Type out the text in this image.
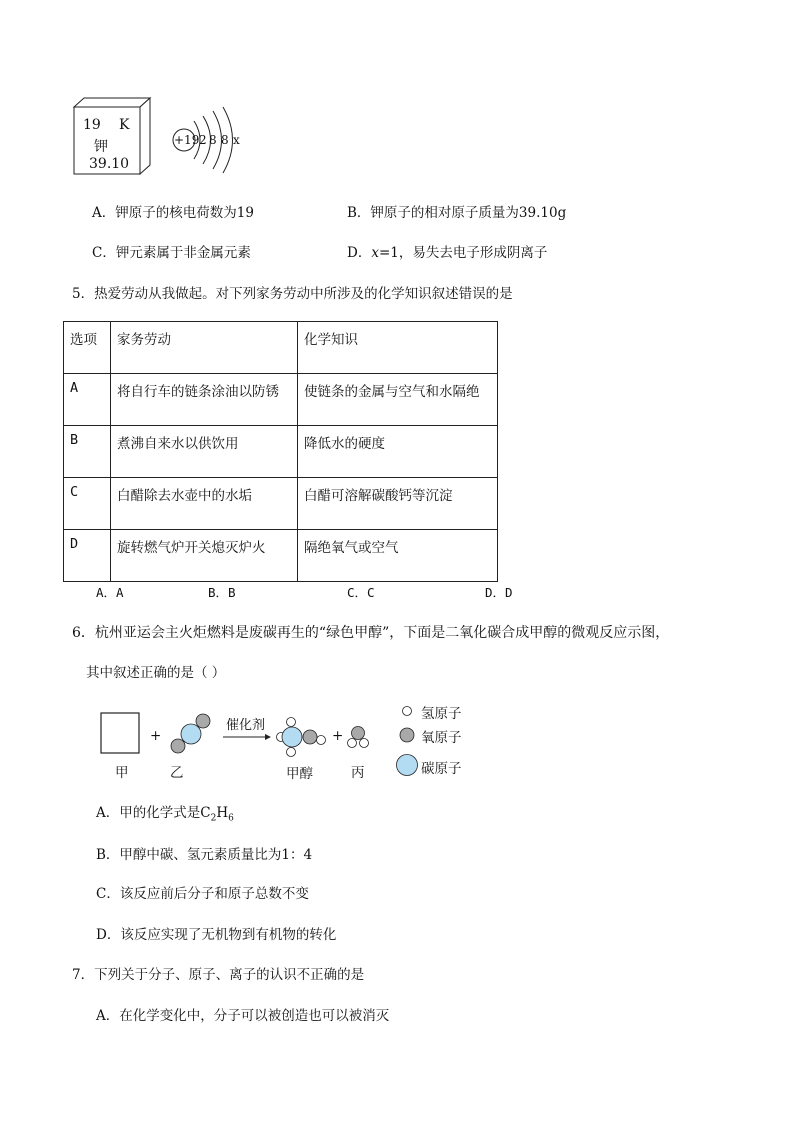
19 K
钾
39.10
+19 2 8 8 x
A．钾原子的核电荷数为19	B．钾原子的相对原子质量为39.10g
C．钾元素属于非金属元素	D．x=1，易失去电子形成阴离子
5．热爱劳动从我做起。对下列家务劳动中所涉及的化学知识叙述错误的是
选项	家务劳动	化学知识
A	将自行车的链条涂油以防锈	使链条的金属与空气和水隔绝
B	煮沸自来水以供饮用	降低水的硬度
C	白醋除去水壶中的水垢	白醋可溶解碳酸钙等沉淀
D	旋转燃气炉开关熄灭炉火	隔绝氧气或空气
A．A	B．B	C．C	D．D
6．杭州亚运会主火炬燃料是废碳再生的“绿色甲醇”，下面是二氧化碳合成甲醇的微观反应示图，
其中叙述正确的是（ ）
+	+
催化剂
甲	乙	甲醇	丙
氢原子
氧原子
碳原子
A．甲的化学式是$C_2H_6$
B．甲醇中碳、氢元素质量比为1：4
C．该反应前后分子和原子总数不变
D．该反应实现了无机物到有机物的转化
7．下列关于分子、原子、离子的认识不正确的是
A．在化学变化中，分子可以被创造也可以被消灭
